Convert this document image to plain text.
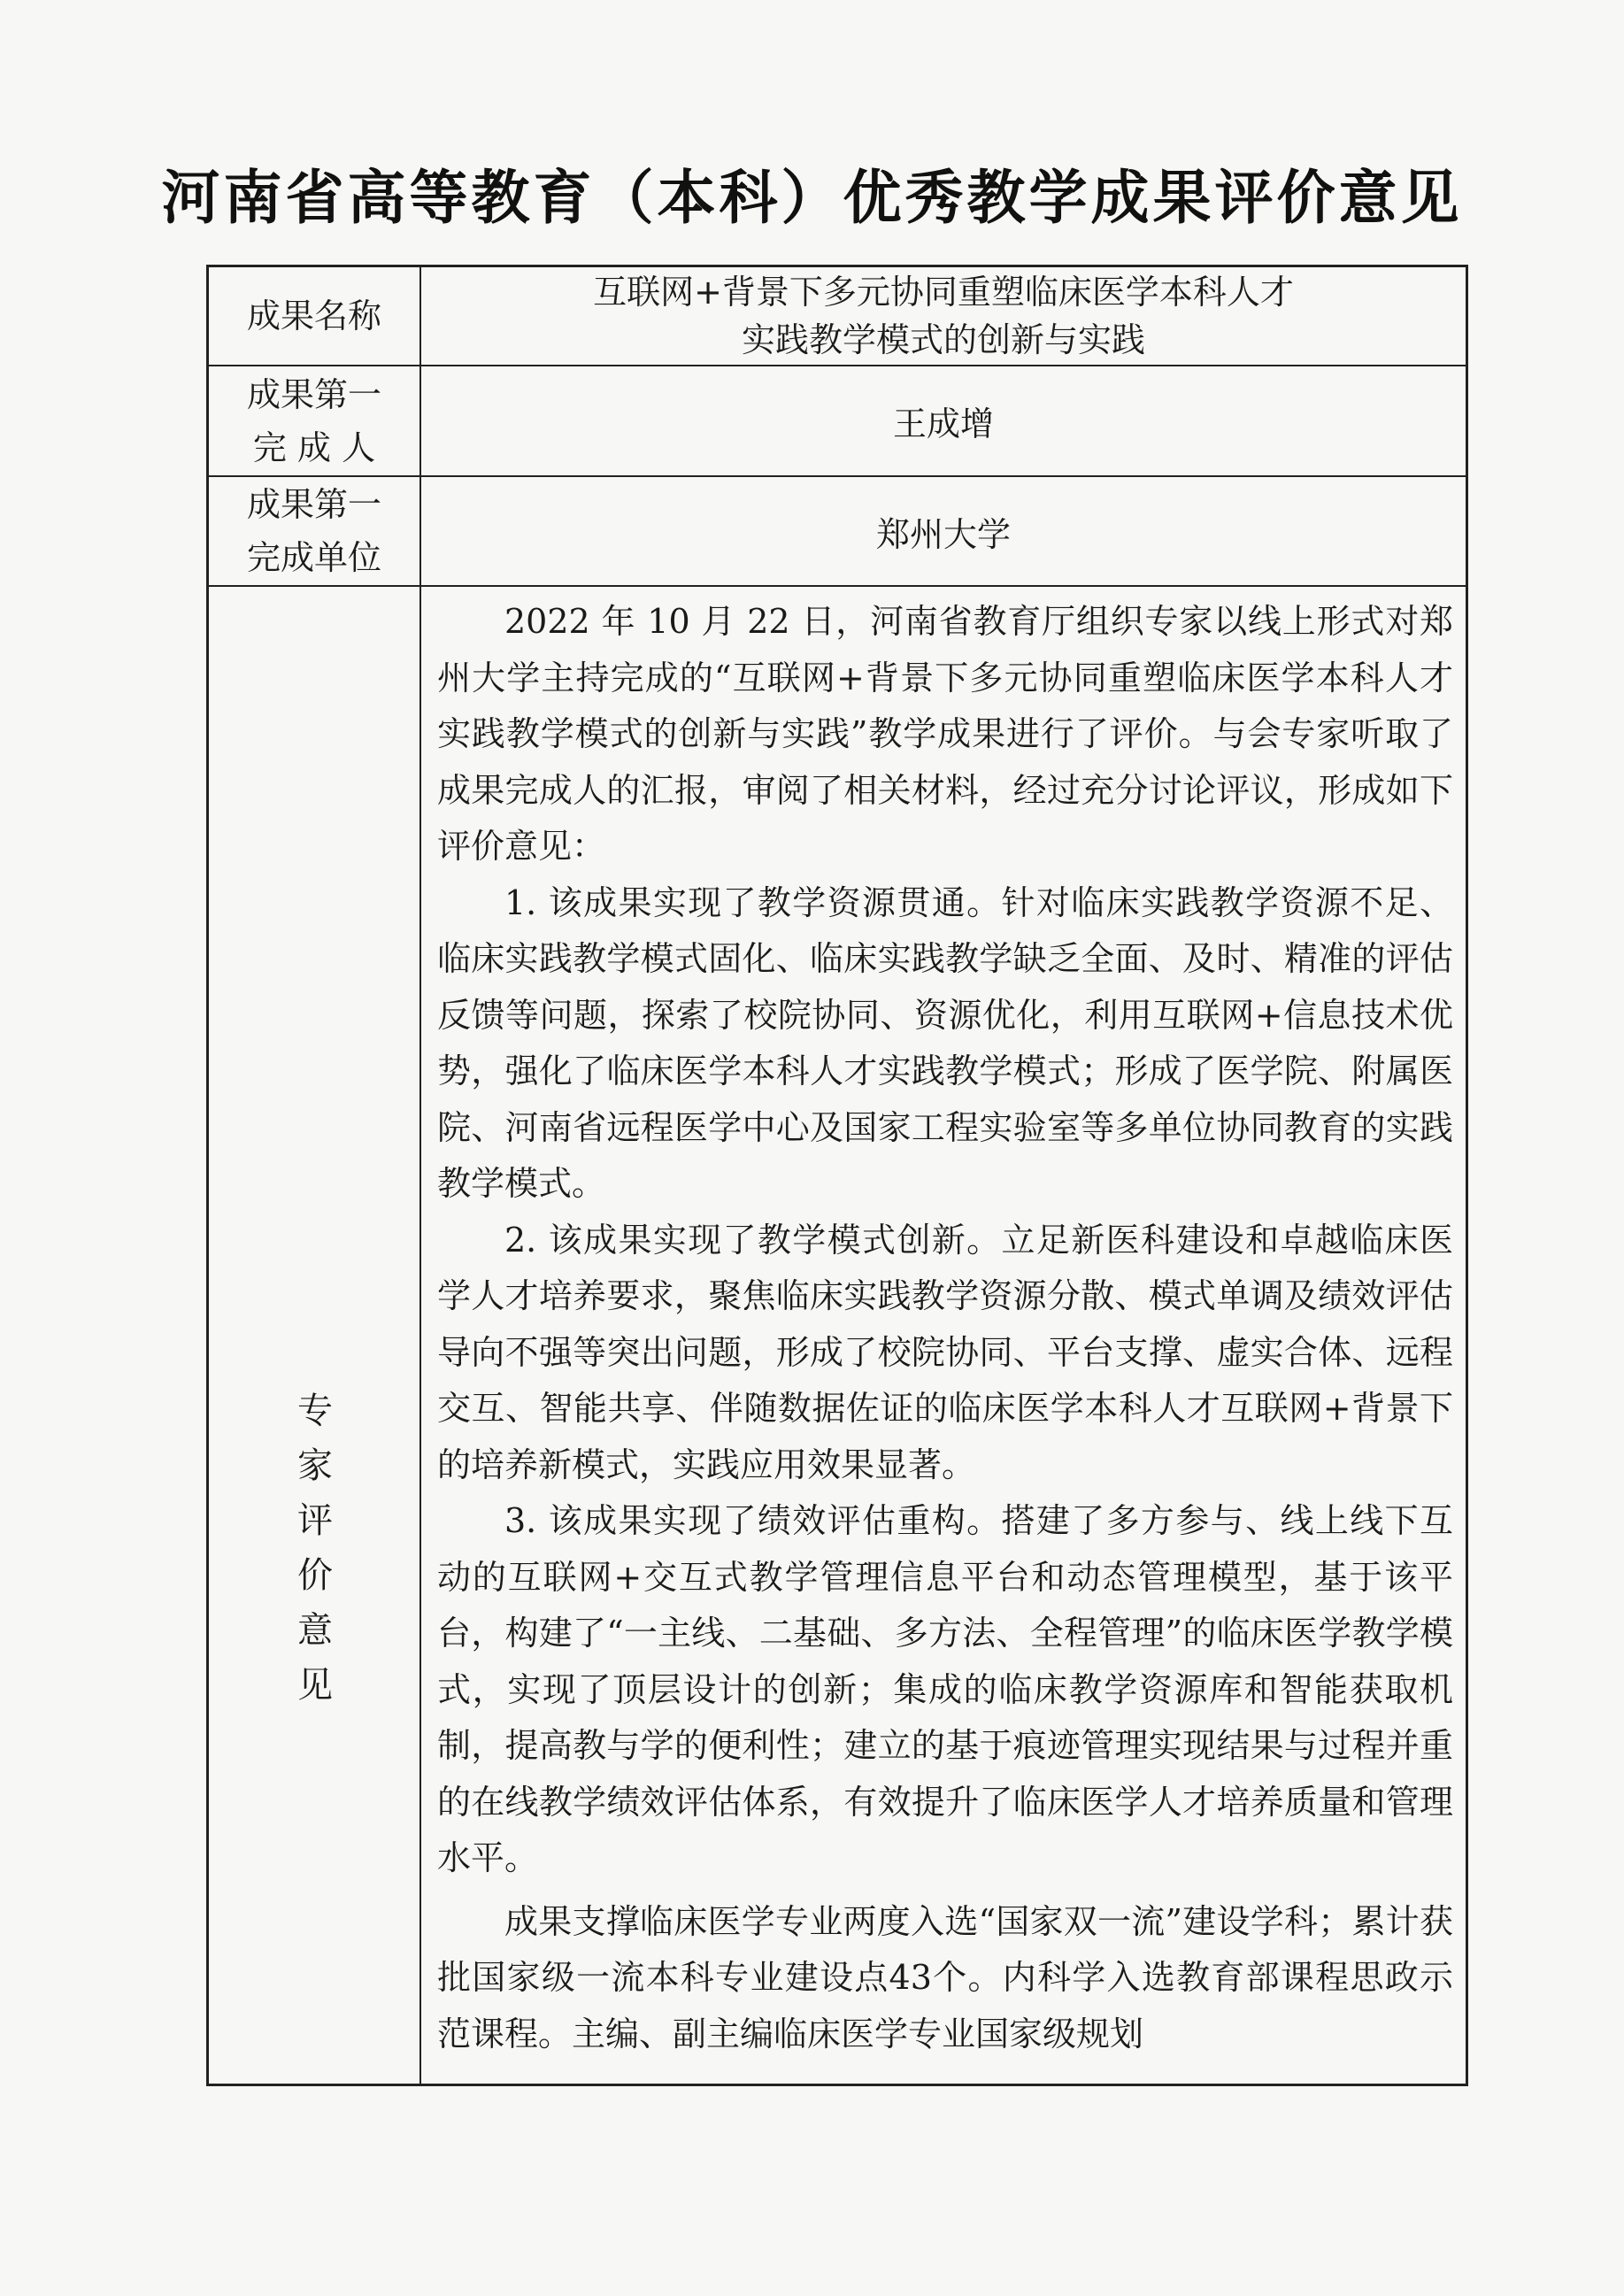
河南省高等教育（本科）优秀教学成果评价意见
成果名称
互联网+背景下多元协同重塑临床医学本科人才
实践教学模式的创新与实践
成果第一
完 成 人
王成增
成果第一
完成单位
郑州大学
专
家
评
价
意
见

2022 年 10 月 22 日，河南省教育厅组织专家以线上形式对郑州大学主持完成的“互联网+背景下多元协同重塑临床医学本科人才实践教学模式的创新与实践”教学成果进行了评价。与会专家听取了成果完成人的汇报，审阅了相关材料，经过充分讨论评议，形成如下评价意见：

1. 该成果实现了教学资源贯通。针对临床实践教学资源不足、临床实践教学模式固化、临床实践教学缺乏全面、及时、精准的评估反馈等问题，探索了校院协同、资源优化，利用互联网+信息技术优势，强化了临床医学本科人才实践教学模式；形成了医学院、附属医院、河南省远程医学中心及国家工程实验室等多单位协同教育的实践教学模式。

2. 该成果实现了教学模式创新。立足新医科建设和卓越临床医学人才培养要求，聚焦临床实践教学资源分散、模式单调及绩效评估导向不强等突出问题，形成了校院协同、平台支撑、虚实合体、远程交互、智能共享、伴随数据佐证的临床医学本科人才互联网+背景下的培养新模式，实践应用效果显著。

3. 该成果实现了绩效评估重构。搭建了多方参与、线上线下互动的互联网+交互式教学管理信息平台和动态管理模型，基于该平台，构建了“一主线、二基础、多方法、全程管理”的临床医学教学模式，实现了顶层设计的创新；集成的临床教学资源库和智能获取机制，提高教与学的便利性；建立的基于痕迹管理实现结果与过程并重的在线教学绩效评估体系，有效提升了临床医学人才培养质量和管理水平。

成果支撑临床医学专业两度入选“国家双一流”建设学科；累计获批国家级一流本科专业建设点43个。内科学入选教育部课程思政示范课程。主编、副主编临床医学专业国家级规划
